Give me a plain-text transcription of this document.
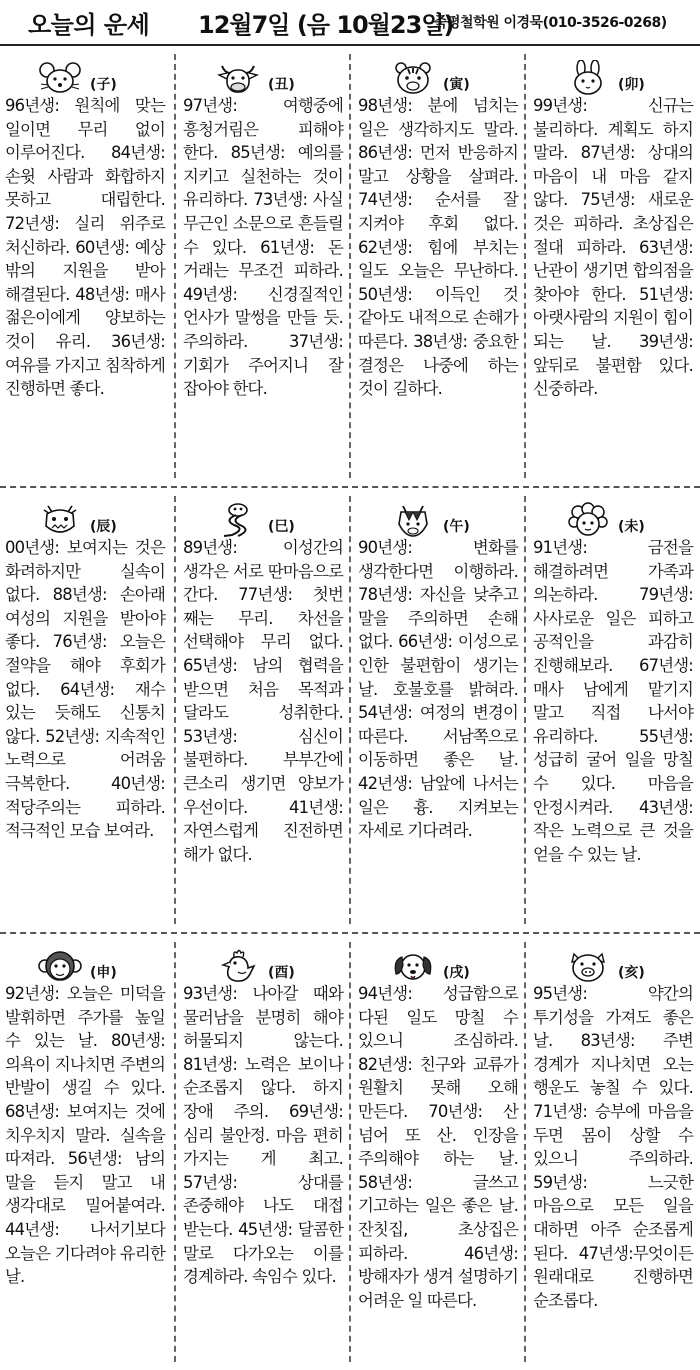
오늘의 운세 12월7일 (음 10월23일)
죽평철학원 이경묵(010-3526-0268)
(子)
96년생: 원칙에 맞는 일이면 무리 없이 이루어진다. 84년생: 손윗 사람과 화합하지 못하고 대립한다. 72년생: 실리 위주로 처신하라. 60년생: 예상 밖의 지원을 받아 해결된다. 48년생: 매사 젊은이에게 양보하는 것이 유리. 36년생: 여유를 가지고 침착하게 진행하면 좋다.
(丑)
97년생: 여행중에 흥청거림은 피해야 한다. 85년생: 예의를 지키고 실천하는 것이 유리하다. 73년생: 사실 무근인 소문으로 흔들릴 수 있다. 61년생: 돈 거래는 무조건 피하라. 49년생: 신경질적인 언사가 말썽을 만들 듯. 주의하라. 37년생: 기회가 주어지니 잘 잡아야 한다.
(寅)
98년생: 분에 넘치는 일은 생각하지도 말라. 86년생: 먼저 반응하지 말고 상황을 살펴라. 74년생: 순서를 잘 지켜야 후회 없다. 62년생: 힘에 부치는 일도 오늘은 무난하다. 50년생: 이득인 것 같아도 내적으로 손해가 따른다. 38년생: 중요한 결정은 나중에 하는 것이 길하다.
(卯)
99년생: 신규는 불리하다. 계획도 하지 말라. 87년생: 상대의 마음이 내 마음 같지 않다. 75년생: 새로운 것은 피하라. 초상집은 절대 피하라. 63년생: 난관이 생기면 합의점을 찾아야 한다. 51년생: 아랫사람의 지원이 힘이 되는 날. 39년생: 앞뒤로 불편함 있다. 신중하라.
(辰)
00년생: 보여지는 것은 화려하지만 실속이 없다. 88년생: 손아래 여성의 지원을 받아야 좋다. 76년생: 오늘은 절약을 해야 후회가 없다. 64년생: 재수 있는 듯해도 신통치 않다. 52년생: 지속적인 노력으로 어려움 극복한다. 40년생: 적당주의는 피하라. 적극적인 모습 보여라.
(巳)
89년생: 이성간의 생각은 서로 딴마음으로 간다. 77년생: 첫번 째는 무리. 차선을 선택해야 무리 없다. 65년생: 남의 협력을 받으면 처음 목적과 달라도 성취한다. 53년생: 심신이 불편하다. 부부간에 큰소리 생기면 양보가 우선이다. 41년생: 자연스럽게 진전하면 해가 없다.
(午)
90년생: 변화를 생각한다면 이행하라. 78년생: 자신을 낮추고 말을 주의하면 손해 없다. 66년생: 이성으로 인한 불편함이 생기는 날. 호불호를 밝혀라. 54년생: 여정의 변경이 따른다. 서남쪽으로 이동하면 좋은 날. 42년생: 남앞에 나서는 일은 흉. 지켜보는 자세로 기다려라.
(未)
91년생: 금전을 해결하려면 가족과 의논하라. 79년생: 사사로운 일은 피하고 공적인을 과감히 진행해보라. 67년생: 매사 남에게 맡기지 말고 직접 나서야 유리하다. 55년생: 성급히 굴어 일을 망칠 수 있다. 마음을 안정시켜라. 43년생: 작은 노력으로 큰 것을 얻을 수 있는 날.
(申)
92년생: 오늘은 미덕을 발휘하면 주가를 높일 수 있는 날. 80년생: 의욕이 지나치면 주변의 반발이 생길 수 있다. 68년생: 보여지는 것에 치우치지 말라. 실속을 따져라. 56년생: 남의 말을 듣지 말고 내 생각대로 밀어붙여라. 44년생: 나서기보다 오늘은 기다려야 유리한 날.
(酉)
93년생: 나아갈 때와 물러남을 분명히 해야 허물되지 않는다. 81년생: 노력은 보이나 순조롭지 않다. 하지 장애 주의. 69년생: 심리 불안정. 마음 편히 가지는 게 최고. 57년생: 상대를 존중해야 나도 대접 받는다. 45년생: 달콤한 말로 다가오는 이를 경계하라. 속임수 있다.
(戌)
94년생: 성급함으로 다된 일도 망칠 수 있으니 조심하라. 82년생: 친구와 교류가 원활치 못해 오해 만든다. 70년생: 산 넘어 또 산. 인장을 주의해야 하는 날. 58년생: 글쓰고 기고하는 일은 좋은 날. 잔칫집, 초상집은 피하라. 46년생: 방해자가 생겨 설명하기 어려운 일 따른다.
(亥)
95년생: 약간의 투기성을 가져도 좋은 날. 83년생: 주변 경계가 지나치면 오는 행운도 놓칠 수 있다. 71년생: 승부에 마음을 두면 몸이 상할 수 있으니 주의하라. 59년생: 느긋한 마음으로 모든 일을 대하면 아주 순조롭게 된다. 47년생:무엇이든 원래대로 진행하면 순조롭다.
